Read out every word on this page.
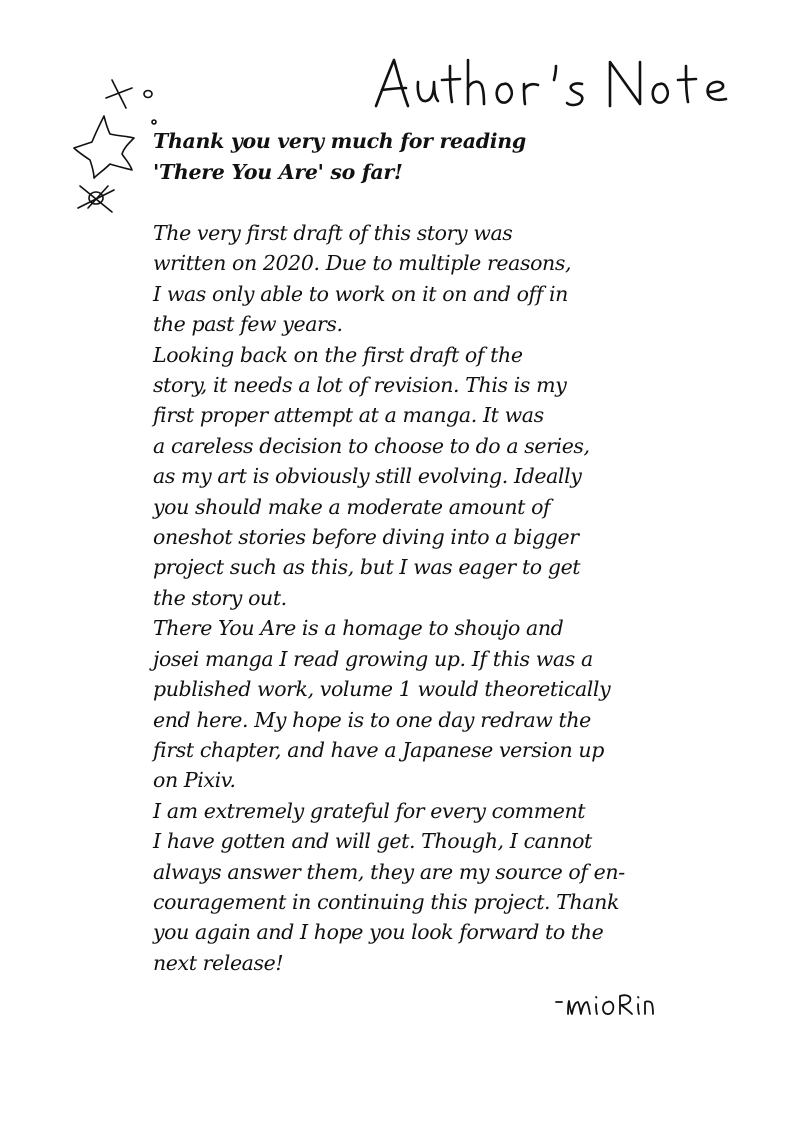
Thank you very much for reading
'There You Are' so far!
The very first draft of this story was
written on 2020. Due to multiple reasons,
I was only able to work on it on and off in
the past few years.
Looking back on the first draft of the
story, it needs a lot of revision. This is my
first proper attempt at a manga. It was
a careless decision to choose to do a series,
as my art is obviously still evolving. Ideally
you should make a moderate amount of
oneshot stories before diving into a bigger
project such as this, but I was eager to get
the story out.
There You Are is a homage to shoujo and
josei manga I read growing up. If this was a
published work, volume 1 would theoretically
end here. My hope is to one day redraw the
first chapter, and have a Japanese version up
on Pixiv.
I am extremely grateful for every comment
I have gotten and will get. Though, I cannot
always answer them, they are my source of en-
couragement in continuing this project. Thank
you again and I hope you look forward to the
next release!
